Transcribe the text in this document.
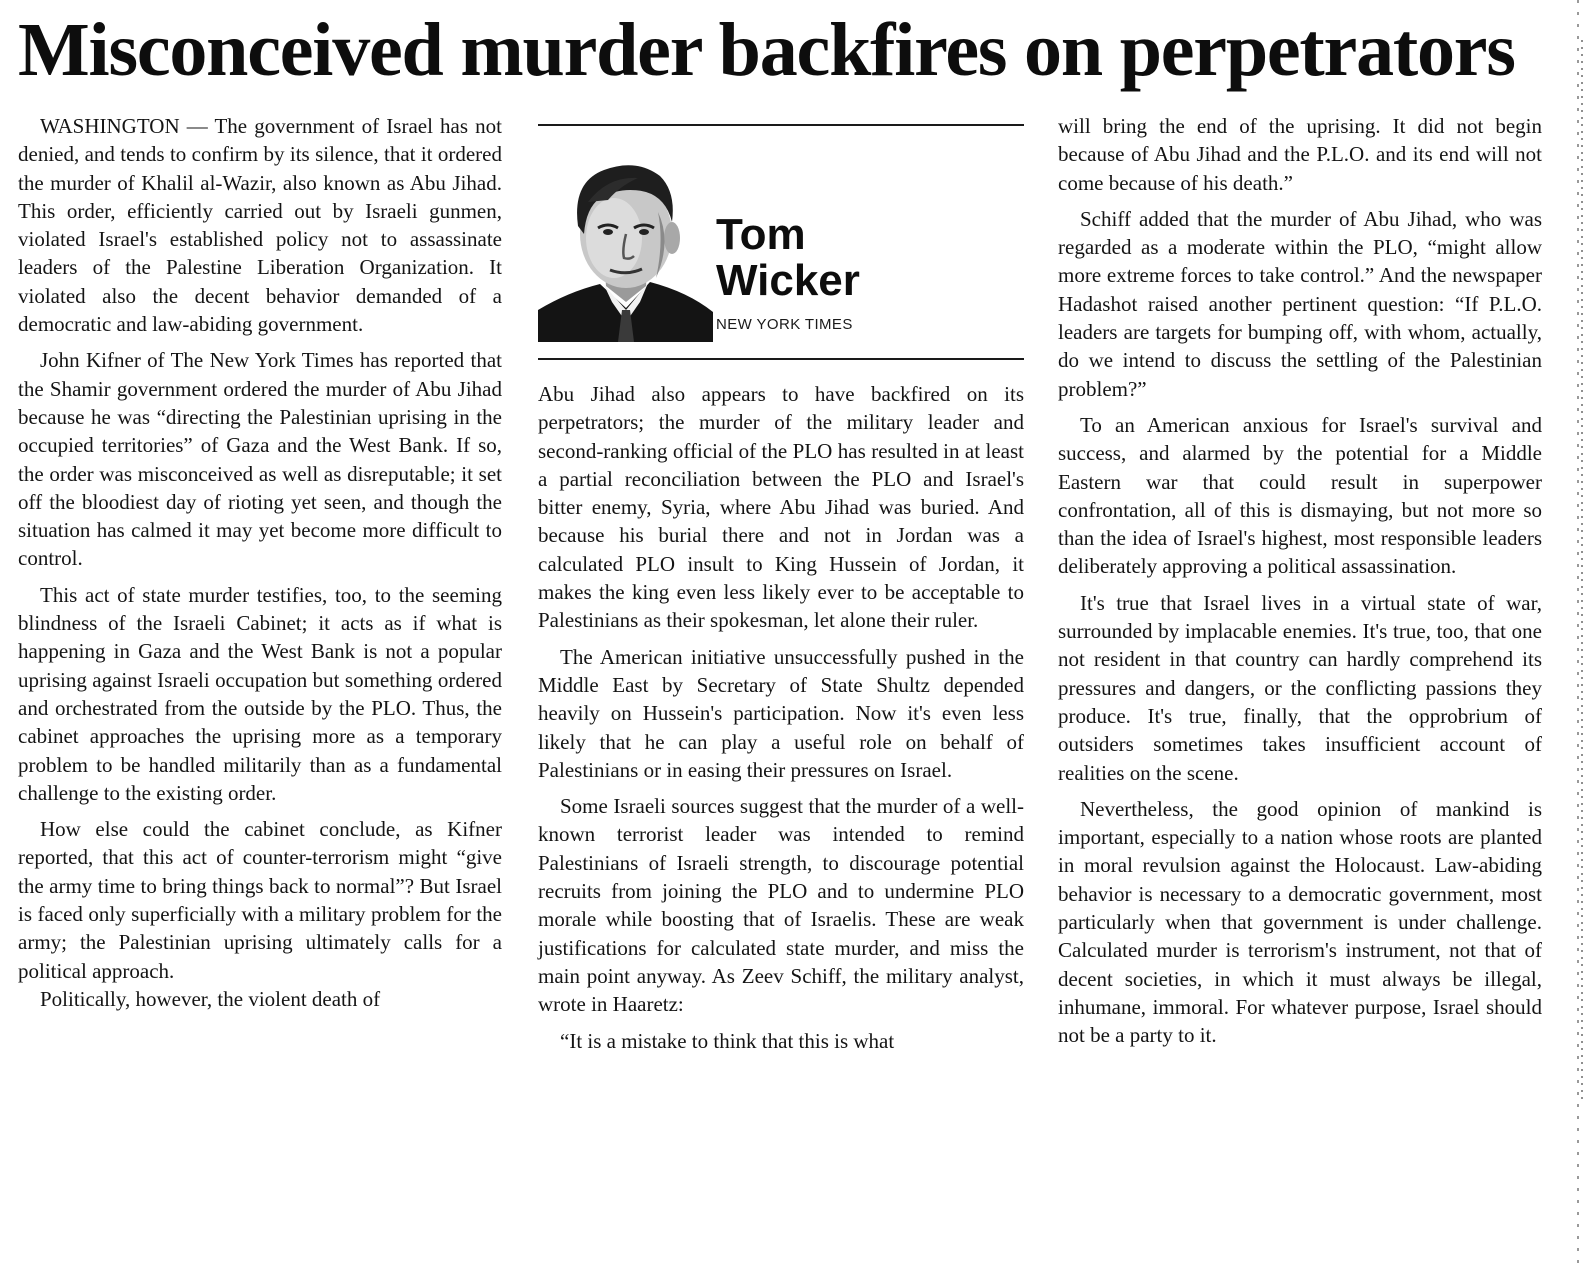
Misconceived murder backfires on perpetrators

WASHINGTON — The government of Israel has not denied, and tends to confirm by its silence, that it ordered the murder of Khalil al-Wazir, also known as Abu Jihad. This order, efficiently carried out by Israeli gunmen, violated Israel's established policy not to assassinate leaders of the Palestine Liberation Organization. It violated also the decent behavior demanded of a democratic and law-abiding government.

John Kifner of The New York Times has reported that the Shamir government ordered the murder of Abu Jihad because he was “directing the Palestinian uprising in the occupied territories” of Gaza and the West Bank. If so, the order was misconceived as well as disreputable; it set off the bloodiest day of rioting yet seen, and though the situation has calmed it may yet become more difficult to control.

This act of state murder testifies, too, to the seeming blindness of the Israeli Cabinet; it acts as if what is happening in Gaza and the West Bank is not a popular uprising against Israeli occupation but something ordered and orchestrated from the outside by the PLO. Thus, the cabinet approaches the uprising more as a temporary problem to be handled militarily than as a fundamental challenge to the existing order.

How else could the cabinet conclude, as Kifner reported, that this act of counter-terrorism might “give the army time to bring things back to normal”? But Israel is faced only superficially with a military problem for the army; the Palestinian uprising ultimately calls for a political approach.

Politically, however, the violent death of

Tom
Wicker
NEW YORK TIMES

Abu Jihad also appears to have backfired on its perpetrators; the murder of the military leader and second-ranking official of the PLO has resulted in at least a partial reconciliation between the PLO and Israel's bitter enemy, Syria, where Abu Jihad was buried. And because his burial there and not in Jordan was a calculated PLO insult to King Hussein of Jordan, it makes the king even less likely ever to be acceptable to Palestinians as their spokesman, let alone their ruler.

The American initiative unsuccessfully pushed in the Middle East by Secretary of State Shultz depended heavily on Hussein's participation. Now it's even less likely that he can play a useful role on behalf of Palestinians or in easing their pressures on Israel.

Some Israeli sources suggest that the murder of a well-known terrorist leader was intended to remind Palestinians of Israeli strength, to discourage potential recruits from joining the PLO and to undermine PLO morale while boosting that of Israelis. These are weak justifications for calculated state murder, and miss the main point anyway. As Zeev Schiff, the military analyst, wrote in Haaretz:

“It is a mistake to think that this is what

will bring the end of the uprising. It did not begin because of Abu Jihad and the P.L.O. and its end will not come because of his death.”

Schiff added that the murder of Abu Jihad, who was regarded as a moderate within the PLO, “might allow more extreme forces to take control.” And the newspaper Hadashot raised another pertinent question: “If P.L.O. leaders are targets for bumping off, with whom, actually, do we intend to discuss the settling of the Palestinian problem?”

To an American anxious for Israel's survival and success, and alarmed by the potential for a Middle Eastern war that could result in superpower confrontation, all of this is dismaying, but not more so than the idea of Israel's highest, most responsible leaders deliberately approving a political assassination.

It's true that Israel lives in a virtual state of war, surrounded by implacable enemies. It's true, too, that one not resident in that country can hardly comprehend its pressures and dangers, or the conflicting passions they produce. It's true, finally, that the opprobrium of outsiders sometimes takes insufficient account of realities on the scene.

Nevertheless, the good opinion of mankind is important, especially to a nation whose roots are planted in moral revulsion against the Holocaust. Law-abiding behavior is necessary to a democratic government, most particularly when that government is under challenge. Calculated murder is terrorism's instrument, not that of decent societies, in which it must always be illegal, inhumane, immoral. For whatever purpose, Israel should not be a party to it.
